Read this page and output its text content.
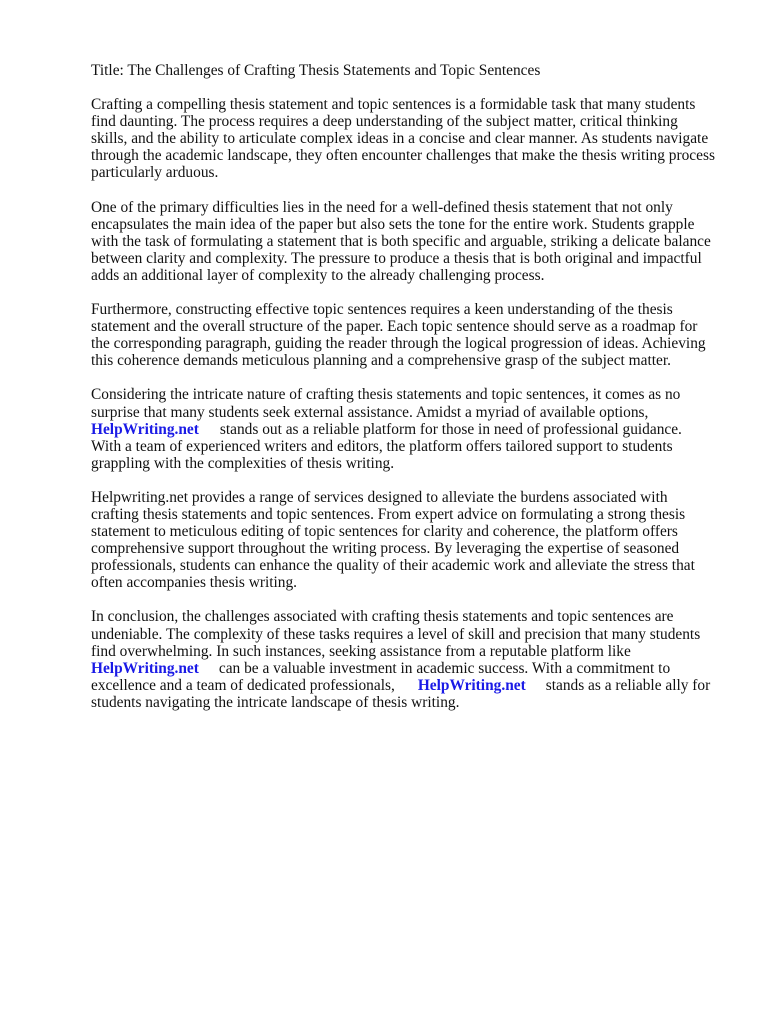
Title: The Challenges of Crafting Thesis Statements and Topic Sentences
Crafting a compelling thesis statement and topic sentences is a formidable task that many students
find daunting. The process requires a deep understanding of the subject matter, critical thinking
skills, and the ability to articulate complex ideas in a concise and clear manner. As students navigate
through the academic landscape, they often encounter challenges that make the thesis writing process
particularly arduous.
One of the primary difficulties lies in the need for a well-defined thesis statement that not only
encapsulates the main idea of the paper but also sets the tone for the entire work. Students grapple
with the task of formulating a statement that is both specific and arguable, striking a delicate balance
between clarity and complexity. The pressure to produce a thesis that is both original and impactful
adds an additional layer of complexity to the already challenging process.
Furthermore, constructing effective topic sentences requires a keen understanding of the thesis
statement and the overall structure of the paper. Each topic sentence should serve as a roadmap for
the corresponding paragraph, guiding the reader through the logical progression of ideas. Achieving
this coherence demands meticulous planning and a comprehensive grasp of the subject matter.
Considering the intricate nature of crafting thesis statements and topic sentences, it comes as no
surprise that many students seek external assistance. Amidst a myriad of available options,
HelpWriting.net stands out as a reliable platform for those in need of professional guidance.
With a team of experienced writers and editors, the platform offers tailored support to students
grappling with the complexities of thesis writing.
Helpwriting.net provides a range of services designed to alleviate the burdens associated with
crafting thesis statements and topic sentences. From expert advice on formulating a strong thesis
statement to meticulous editing of topic sentences for clarity and coherence, the platform offers
comprehensive support throughout the writing process. By leveraging the expertise of seasoned
professionals, students can enhance the quality of their academic work and alleviate the stress that
often accompanies thesis writing.
In conclusion, the challenges associated with crafting thesis statements and topic sentences are
undeniable. The complexity of these tasks requires a level of skill and precision that many students
find overwhelming. In such instances, seeking assistance from a reputable platform like
HelpWriting.net can be a valuable investment in academic success. With a commitment to
excellence and a team of dedicated professionals, HelpWriting.net stands as a reliable ally for
students navigating the intricate landscape of thesis writing.
